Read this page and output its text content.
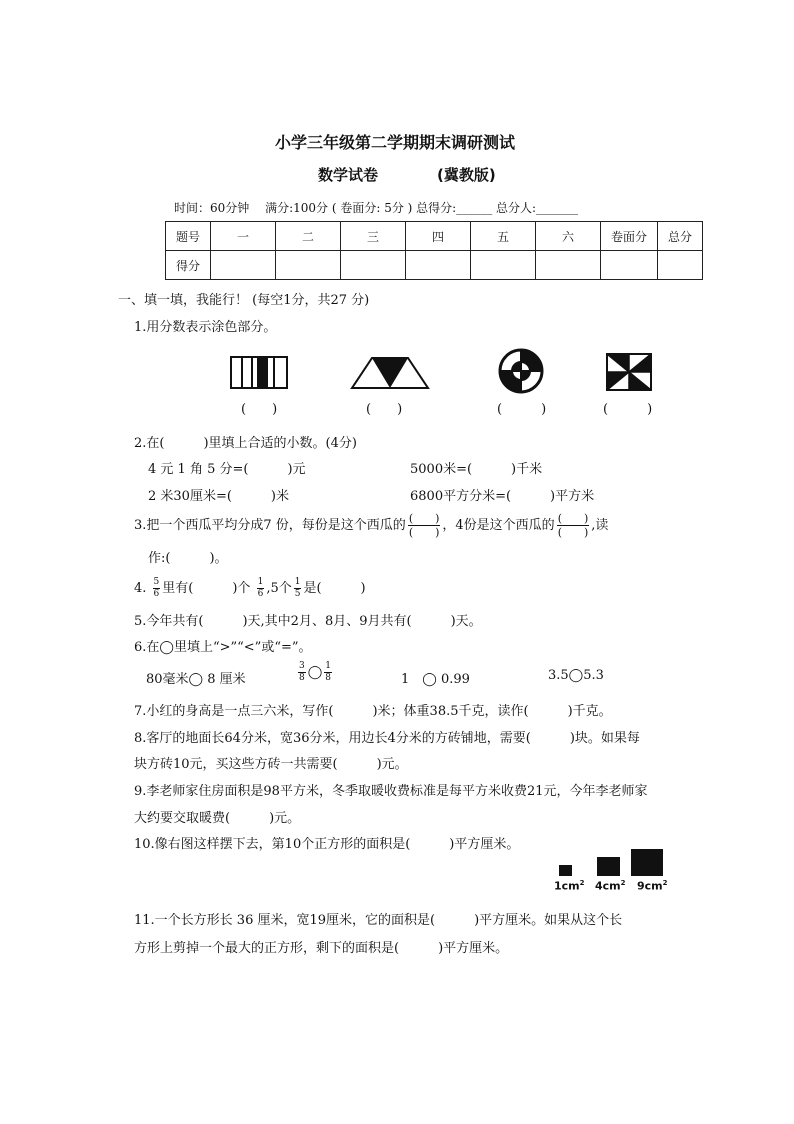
小学三年级第二学期期末调研测试
数学试卷	(冀教版)
时间：60分钟　 满分:100分 ( 卷面分: 5分 ) 总得分:______ 总分人:_______
题号	一	二	三	四	五	六	卷面分	总分
得分								
一、填一填，我能行！ (每空1分，共27 分)
1.用分数表示涂色部分。
(　　)	(　　)	(　　　)	(　　　)
2.在(　　　)里填上合适的小数。(4分)
4 元 1 角 5 分=(　　　)元	5000米=(　　　)千米
2 米30厘米=(　　　)米	6800平方分米=(　　　)平方米
3.把一个西瓜平均分成7 份，每份是这个西瓜的 $\frac{( )}{( )}$ ，4份是这个西瓜的 $\frac{( )}{( )}$ ,读
作:(　　　)。
4. $\frac{5}{6}$ 里有(　　　)个 $\frac{1}{6} ,5$个 $\frac{1}{5}$ 是(　　　)
5.今年共有(　　　)天,其中2月、8月、9月共有(　　　)天。
6.在◯里填上“>”“<”或“=”。
80毫米◯ 8 厘米	$\frac{3}{8}$ ◯ $\frac{1}{8}$	1　◯ 0.99	3.5◯5.3
7.小红的身高是一点三六米，写作(　　　)米；体重38.5千克，读作(　　　)千克。
8.客厅的地面长64分米，宽36分米，用边长4分米的方砖铺地，需要(　　　)块。如果每
块方砖10元，买这些方砖一共需要(　　　)元。
9.李老师家住房面积是98平方米，冬季取暖收费标准是每平方米收费21元，今年李老师家
大约要交取暖费(　　　)元。
10.像右图这样摆下去，第10个正方形的面积是(　　　)平方厘米。
$1cm^2$ $4cm^2$ $9cm^2$
11.一个长方形长 36 厘米，宽19厘米，它的面积是(　　　)平方厘米。如果从这个长
方形上剪掉一个最大的正方形，剩下的面积是(　　　)平方厘米。
